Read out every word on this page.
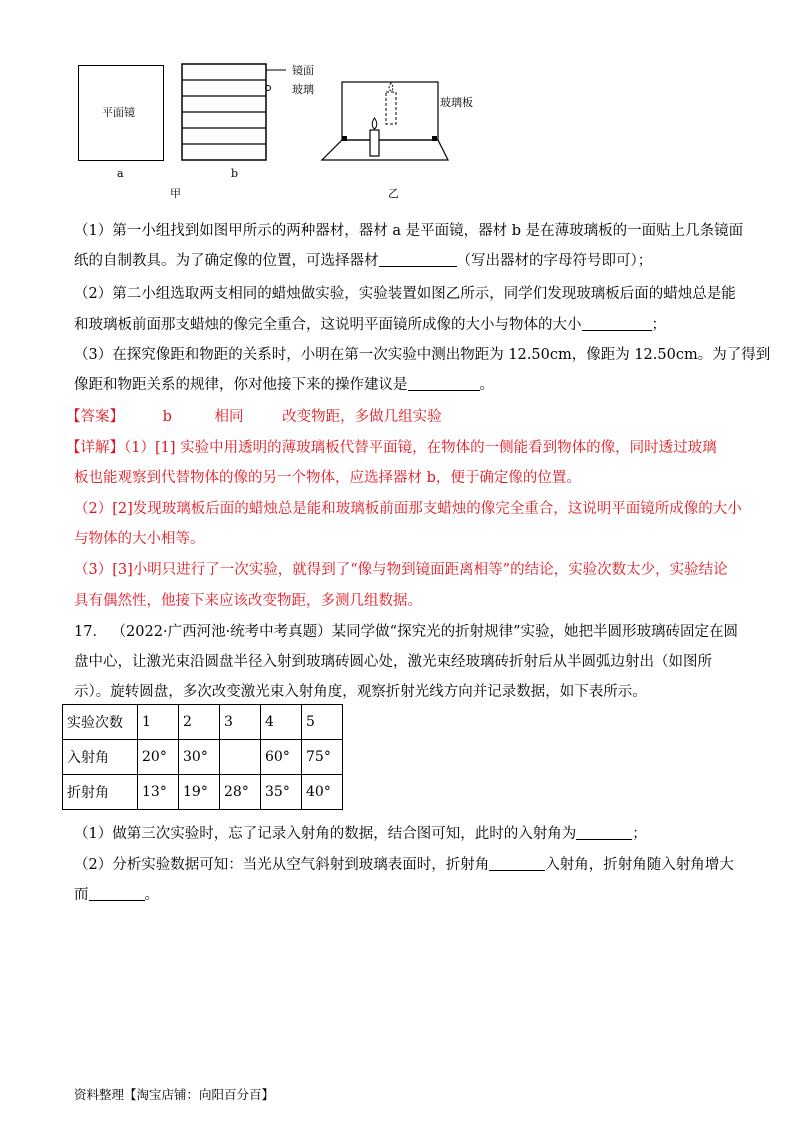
平面镜
a
镜面
玻璃
b
甲
玻璃板
乙
（1）第一小组找到如图甲所示的两种器材，器材 a 是平面镜，器材 b 是在薄玻璃板的一面贴上几条镜面
纸的自制教具。为了确定像的位置，可选择器材	（写出器材的字母符号即可）；
（2）第二小组选取两支相同的蜡烛做实验，实验装置如图乙所示，同学们发现玻璃板后面的蜡烛总是能
和玻璃板前面那支蜡烛的像完全重合，这说明平面镜所成像的大小与物体的大小	；
（3）在探究像距和物距的关系时，小明在第一次实验中测出物距为 12.50cm，像距为 12.50cm。为了得到
像距和物距关系的规律，你对他接下来的操作建议是	。
【答案】	b	相同	改变物距，多做几组实验
【详解】（1）[1] 实验中用透明的薄玻璃板代替平面镜，在物体的一侧能看到物体的像，同时透过玻璃
板也能观察到代替物体的像的另一个物体，应选择器材 b，便于确定像的位置。
（2）[2]发现玻璃板后面的蜡烛总是能和玻璃板前面那支蜡烛的像完全重合，这说明平面镜所成像的大小
与物体的大小相等。
（3）[3]小明只进行了一次实验，就得到了“像与物到镜面距离相等”的结论，实验次数太少，实验结论
具有偶然性，他接下来应该改变物距，多测几组数据。
17． （2022·广西河池·统考中考真题）某同学做“探究光的折射规律”实验，她把半圆形玻璃砖固定在圆
盘中心，让激光束沿圆盘半径入射到玻璃砖圆心处，激光束经玻璃砖折射后从半圆弧边射出（如图所
示）。旋转圆盘，多次改变激光束入射角度，观察折射光线方向并记录数据，如下表所示。
实验次数	1	2	3	4	5
入射角	20°	30°		60°	75°
折射角	13°	19°	28°	35°	40°
（1）做第三次实验时，忘了记录入射角的数据，结合图可知，此时的入射角为	；
（2）分析实验数据可知：当光从空气斜射到玻璃表面时，折射角	入射角，折射角随入射角增大
而	。
资料整理【淘宝店铺：向阳百分百】
